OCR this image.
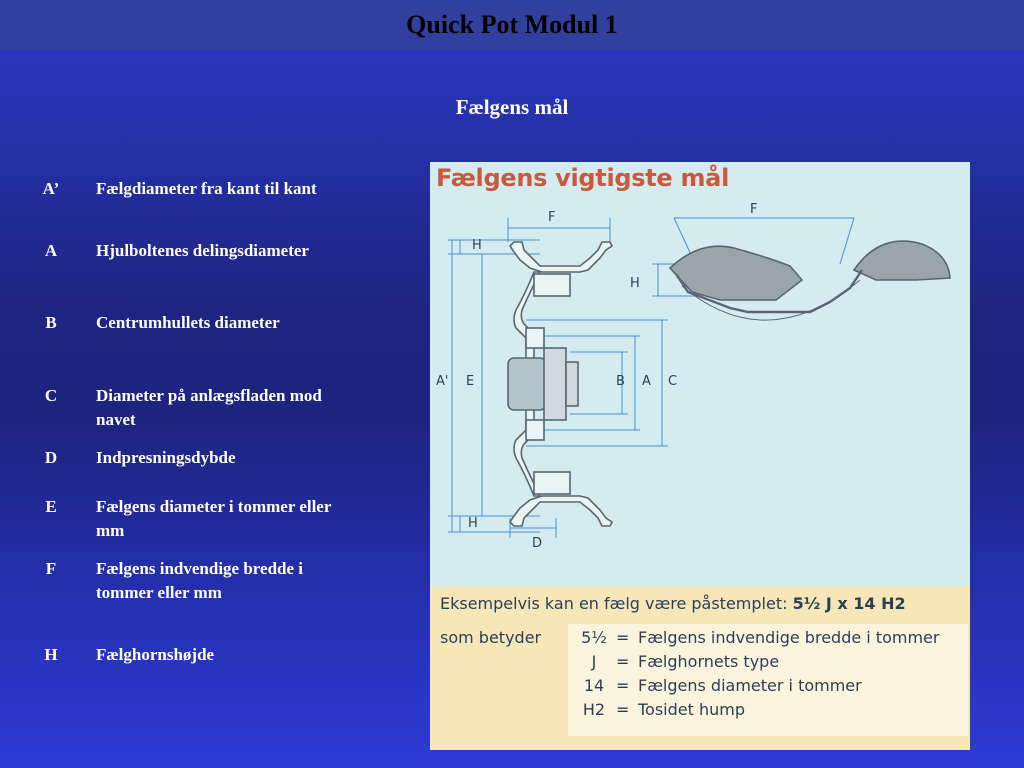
Quick Pot Modul 1
Fælgens mål
A’	Fælgdiameter fra kant til kant
A	Hjulboltenes delingsdiameter
B	Centrumhullets diameter
C	Diameter på anlægsfladen mod navet
D	Indpresningsdybde
E	Fælgens diameter i tommer eller mm
F	Fælgens indvendige bredde i tommer eller mm
H	Fælghornshøjde
Fælgens vigtigste mål
F
H
A' E	B A C
H
D
F
H
Eksempelvis kan en fælg være påstemplet: 5½ J x 14 H2
som betyder	5½ = Fælgens indvendige bredde i tommer
J	= Fælghornets type
14 = Fælgens diameter i tommer
H2 = Tosidet hump
